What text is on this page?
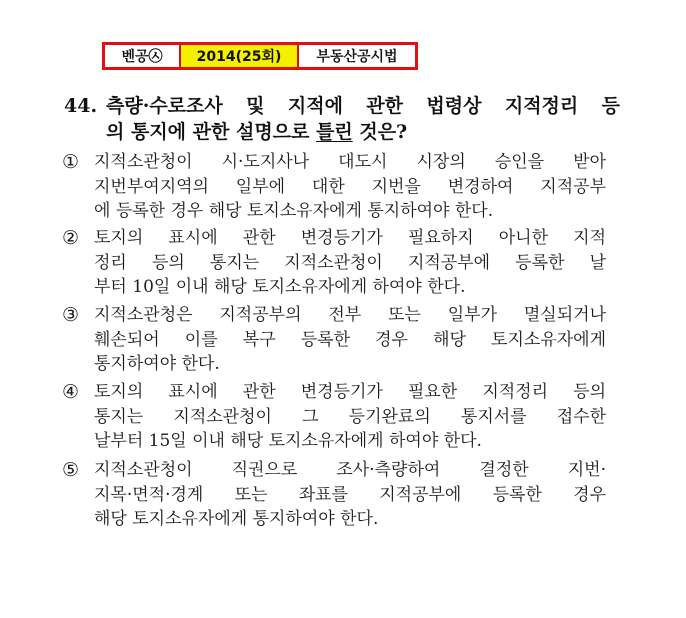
벤공㉦	2014(25회)	부동산공시법
44. 측량·수로조사 및 지적에 관한 법령상 지적정리 등
의 통지에 관한 설명으로 틀린 것은?
① 지적소관청이 시·도지사나 대도시 시장의 승인을 받아
지번부여지역의 일부에 대한 지번을 변경하여 지적공부
에 등록한 경우 해당 토지소유자에게 통지하여야 한다.
② 토지의 표시에 관한 변경등기가 필요하지 아니한 지적
정리 등의 통지는 지적소관청이 지적공부에 등록한 날
부터 10일 이내 해당 토지소유자에게 하여야 한다.
③ 지적소관청은 지적공부의 전부 또는 일부가 멸실되거나
훼손되어 이를 복구 등록한 경우 해당 토지소유자에게
통지하여야 한다.
④ 토지의 표시에 관한 변경등기가 필요한 지적정리 등의
통지는 지적소관청이 그 등기완료의 통지서를 접수한
날부터 15일 이내 해당 토지소유자에게 하여야 한다.
⑤ 지적소관청이 직권으로 조사·측량하여 결정한 지번·
지목·면적·경계 또는 좌표를 지적공부에 등록한 경우
해당 토지소유자에게 통지하여야 한다.
